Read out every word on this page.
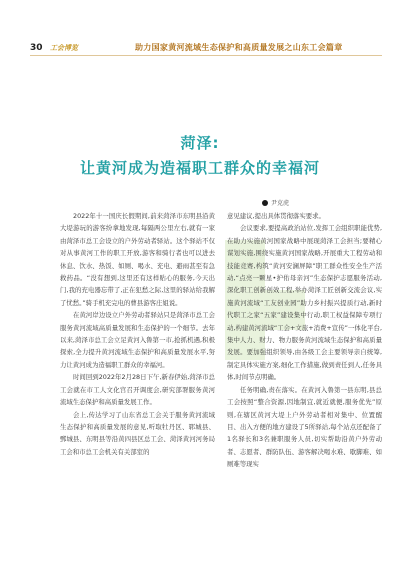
30 工会博览	助力国家黄河流域生态保护和高质量发展之山东工会篇章
菏泽:
让黄河成为造福职工群众的幸福河
尹克虎

2022年十一国庆长假期间,前来菏泽市东明县沿黄大堤游玩的游客纷拿地发现,每隔两公里左右,就有一家由菏泽市总工会设立的户外劳动者驿站。这个驿站不仅对从事黄河工作的职工开放,游客和骑行者也可以进去休息、饮水、热饭、如厕、喝水、充电、避雨甚至有急救药品。“没有想到,这里还有这样贴心的服务,今天出门,我的充电器忘带了,正在犯愁之际,这里的驿站给我解了忧愁。”骑手机充完电的曹县游客庄姐说。

在黄河岸边设立户外劳动者驿站只是菏泽市总工会服务黄河流域高质量发展和生态保护的一个细节。去年以来,菏泽市总工会立足黄河入鲁第一市,抢抓机遇,积极探索,全力提升黄河流域生态保护和高质量发展水平,努力让黄河成为造福职工群众的幸福河。

时间回到2022年2月28日下午,新春伊始,菏泽市总工会就在市工人文化宫召开调度会,研究部署服务黄河流域生态保护和高质量发展工作。

会上,传达学习了山东省总工会关于服务黄河流域生态保护和高质量发展的意见,听取牡丹区、郓城县、鄄城县、东明县等沿黄四县区总工会、菏泽黄河河务局工会和市总工会机关有关部室的

意见建议,提出具体贯彻落实要求。

会议要求,要提高政治站位,发挥工会组织职能优势,在助力实施黄河国家战略中展现菏泽工会担当;要精心谋划实施,围绕实施黄河国家战略,开展重大工程劳动和技能竞赛,构筑“黄河安澜屏障”职工群众性安全生产活动,“点亮一颗星•护佑母亲河”生态保护志愿服务活动,深化职工创新创效工程,举办菏泽工匠创新交流会议,实施黄河流域“工友创业园”助力乡村振兴提质行动,新时代职工之家“五家”建设集中行动,职工权益保障专项行动,构建黄河流域“工会+文旅+消费+宣传”一体化平台,集中人力、财力、物力服务黄河流域生态保护和高质量发展。要加强组织领导,由各级工会主要领导亲自统筹,制定具体实施方案,细化工作措施,做到责任到人,任务具体,时间节点明确。

任务明确,责在落实。在黄河入鲁第一县东明,县总工会按照“整合资源,因地制宜,就近就便,服务优先”原则,在辖区黄河大堤上户外劳动者相对集中、位置醒目、出入方便的地方建设了5所驿站,每个站点还配备了1名驿长和3名兼职服务人员,切实帮助沿黄户外劳动者、志愿者、群防队伍、游客解决喝水难、歇脚难、如厕难等现实
